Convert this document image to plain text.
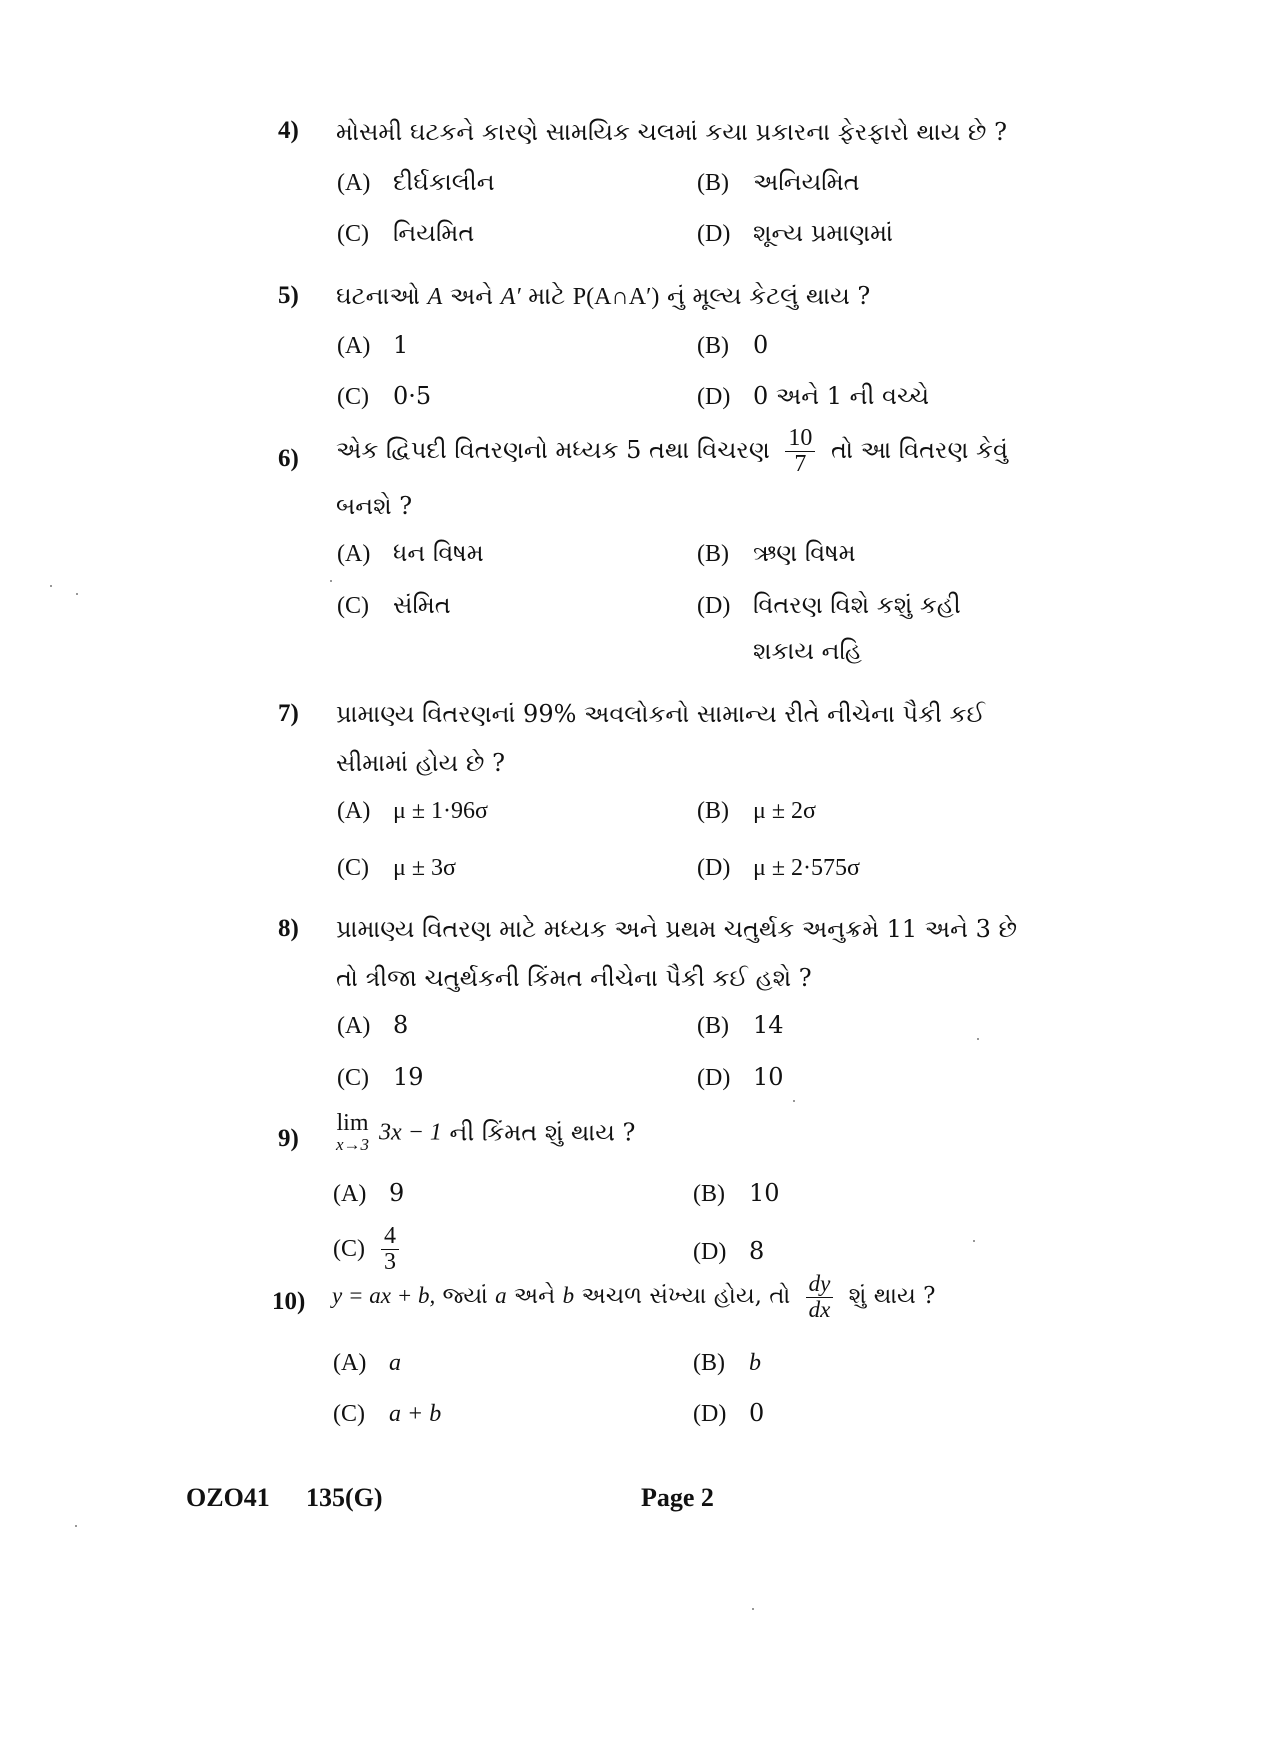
4) મોસમી ઘટકને કારણે સામયિક ચલમાં કયા પ્રકારના ફેરફારો થાય છે ?
(A) દીર્ઘકાલીન	(B) અનિયમિત
(C) નિયમિત	(D) શૂન્ય પ્રમાણમાં
5) ઘટનાઓ A અને A′ માટે P(A∩A′) નું મૂલ્ય કેટલું થાય ?
(A) 1	(B) 0
(C) 0·5	(D) 0 અને 1 ની વચ્ચે
6) એક દ્વિપદી વિતરણનો મધ્યક 5 તથા વિચરણ $\frac{10}{7}$ તો આ વિતરણ કેવું બનશે ?
(A) ધન વિષમ	(B) ઋણ વિષમ
(C) સંમિત	(D) વિતરણ વિશે કશું કહી
શકાય નહિ
7) પ્રામાણ્ય વિતરણનાં 99% અવલોકનો સામાન્ય રીતે નીચેના પૈકી કઈ સીમામાં હોય છે ?
(A) μ ± 1·96σ	(B) μ ± 2σ
(C) μ ± 3σ	(D) μ ± 2·575σ
8) પ્રામાણ્ય વિતરણ માટે મધ્યક અને પ્રથમ ચતુર્થક અનુક્રમે 11 અને 3 છે તો ત્રીજા ચતુર્થકની કિંમત નીચેના પૈકી કઈ હશે ?
(A) 8	(B) 14
(C) 19	(D) 10
9)
lim
x→3 3x − 1 ની કિંમત શું થાય ?
(A) 9	(B) 10
$(C) \frac{4}{3}$	(D) 8
10) y = ax + b, જ્યાં a અને b અચળ સંખ્યા હોય, તો $\frac{dy}{dx}$ શું થાય ?
(A) a	(B) b
(C) a + b	(D) 0
OZO41 135(G)	Page 2
